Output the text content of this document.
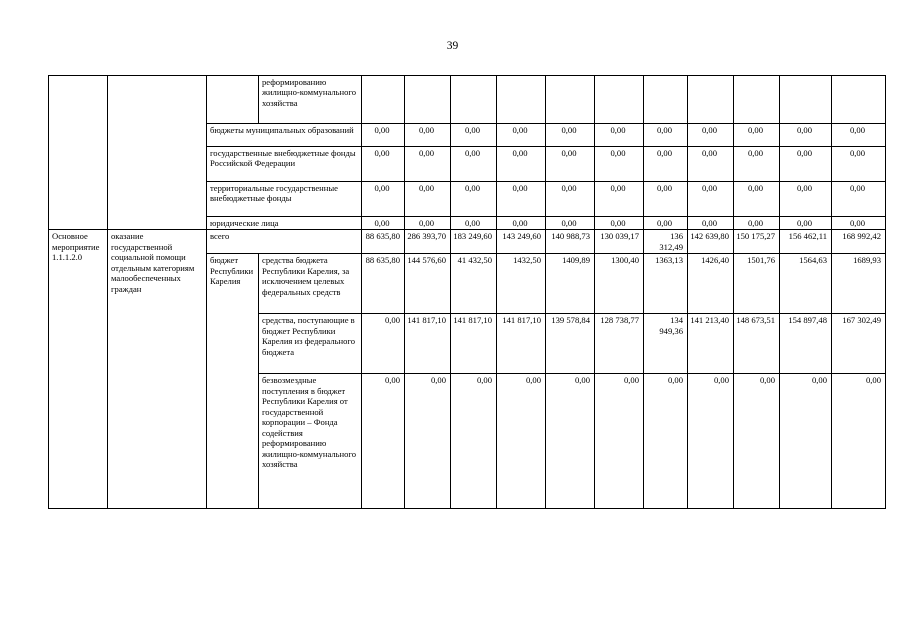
39
			реформированию жилищно-коммунального хозяйства											
		бюджеты муниципальных образований		0,00	0,00	0,00	0,00	0,00	0,00	0,00	0,00	0,00	0,00	0,00
		государственные внебюджетные фонды Российской Федерации		0,00	0,00	0,00	0,00	0,00	0,00	0,00	0,00	0,00	0,00	0,00
		территориальные государственные внебюджетные фонды		0,00	0,00	0,00	0,00	0,00	0,00	0,00	0,00	0,00	0,00	0,00
		юридические лица		0,00	0,00	0,00	0,00	0,00	0,00	0,00	0,00	0,00	0,00	0,00
Основное мероприятие 1.1.1.2.0	оказание государственной социальной помощи отдельным категориям малообеспеченных граждан	всего		88 635,80	286 393,70	183 249,60	143 249,60	140 988,73	130 039,17	136 312,49	142 639,80	150 175,27	156 462,11	168 992,42
		бюджет Республики Карелия	средства бюджета Республики Карелия, за исключением целевых федеральных средств	88 635,80	144 576,60	41 432,50	1432,50	1409,89	1300,40	1363,13	1426,40	1501,76	1564,63	1689,93
			средства, поступающие в бюджет Республики Карелия из федерального бюджета	0,00	141 817,10	141 817,10	141 817,10	139 578,84	128 738,77	134 949,36	141 213,40	148 673,51	154 897,48	167 302,49
			безвозмездные поступления в бюджет Республики Карелия от государственной корпорации – Фонда содействия реформированию жилищно-коммунального хозяйства	0,00	0,00	0,00	0,00	0,00	0,00	0,00	0,00	0,00	0,00	0,00
